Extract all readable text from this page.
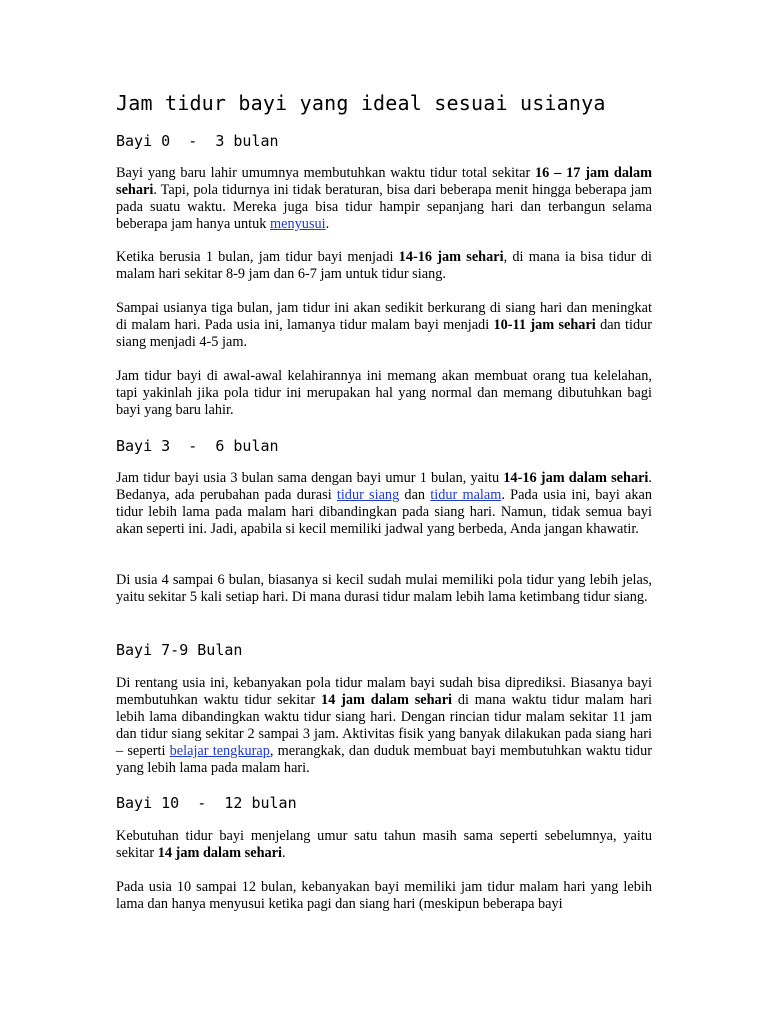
Jam tidur bayi yang ideal sesuai usianya
Bayi 0  -  3 bulan

Bayi yang baru lahir umumnya membutuhkan waktu tidur total sekitar 16 – 17 jam dalam sehari. Tapi, pola tidurnya ini tidak beraturan, bisa dari beberapa menit hingga beberapa jam pada suatu waktu. Mereka juga bisa tidur hampir sepanjang hari dan terbangun selama beberapa jam hanya untuk menyusui.

Ketika berusia 1 bulan, jam tidur bayi menjadi 14-16 jam sehari, di mana ia bisa tidur di malam hari sekitar 8-9 jam dan 6-7 jam untuk tidur siang.

Sampai usianya tiga bulan, jam tidur ini akan sedikit berkurang di siang hari dan meningkat di malam hari. Pada usia ini, lamanya tidur malam bayi menjadi 10-11 jam sehari dan tidur siang menjadi 4-5 jam.

Jam tidur bayi di awal-awal kelahirannya ini memang akan membuat orang tua kelelahan, tapi yakinlah jika pola tidur ini merupakan hal yang normal dan memang dibutuhkan bagi bayi yang baru lahir.

Bayi 3  -  6 bulan

Jam tidur bayi usia 3 bulan sama dengan bayi umur 1 bulan, yaitu 14-16 jam dalam sehari. Bedanya, ada perubahan pada durasi tidur siang dan tidur malam. Pada usia ini, bayi akan tidur lebih lama pada malam hari dibandingkan pada siang hari. Namun, tidak semua bayi akan seperti ini. Jadi, apabila si kecil memiliki jadwal yang berbeda, Anda jangan khawatir.

Di usia 4 sampai 6 bulan, biasanya si kecil sudah mulai memiliki pola tidur yang lebih jelas, yaitu sekitar 5 kali setiap hari. Di mana durasi tidur malam lebih lama ketimbang tidur siang.

Bayi 7-9 Bulan

Di rentang usia ini, kebanyakan pola tidur malam bayi sudah bisa diprediksi. Biasanya bayi membutuhkan waktu tidur sekitar 14 jam dalam sehari di mana waktu tidur malam hari lebih lama dibandingkan waktu tidur siang hari. Dengan rincian tidur malam sekitar 11 jam dan tidur siang sekitar 2 sampai 3 jam. Aktivitas fisik yang banyak dilakukan pada siang hari – seperti belajar tengkurap, merangkak, dan duduk membuat bayi membutuhkan waktu tidur yang lebih lama pada malam hari.

Bayi 10  -  12 bulan

Kebutuhan tidur bayi menjelang umur satu tahun masih sama seperti sebelumnya, yaitu sekitar 14 jam dalam sehari.

Pada usia 10 sampai 12 bulan, kebanyakan bayi memiliki jam tidur malam hari yang lebih lama dan hanya menyusui ketika pagi dan siang hari (meskipun beberapa bayi
